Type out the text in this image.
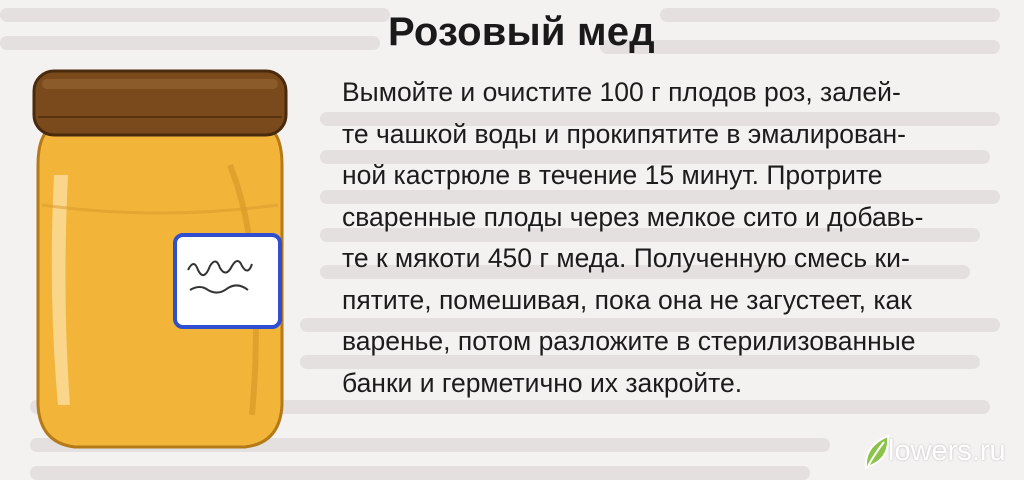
Розовый мед
Вымойте и очистите 100 г плодов роз, залей-
те чашкой воды и прокипятите в эмалирован-
ной кастрюле в течение 15 минут. Протрите
сваренные плоды через мелкое сито и добавь-
те к мякоти 450 г меда. Полученную смесь ки-
пятите, помешивая, пока она не загустеет, как
варенье, потом разложите в стерилизованные
банки и герметично их закройте.
lowers.ru
